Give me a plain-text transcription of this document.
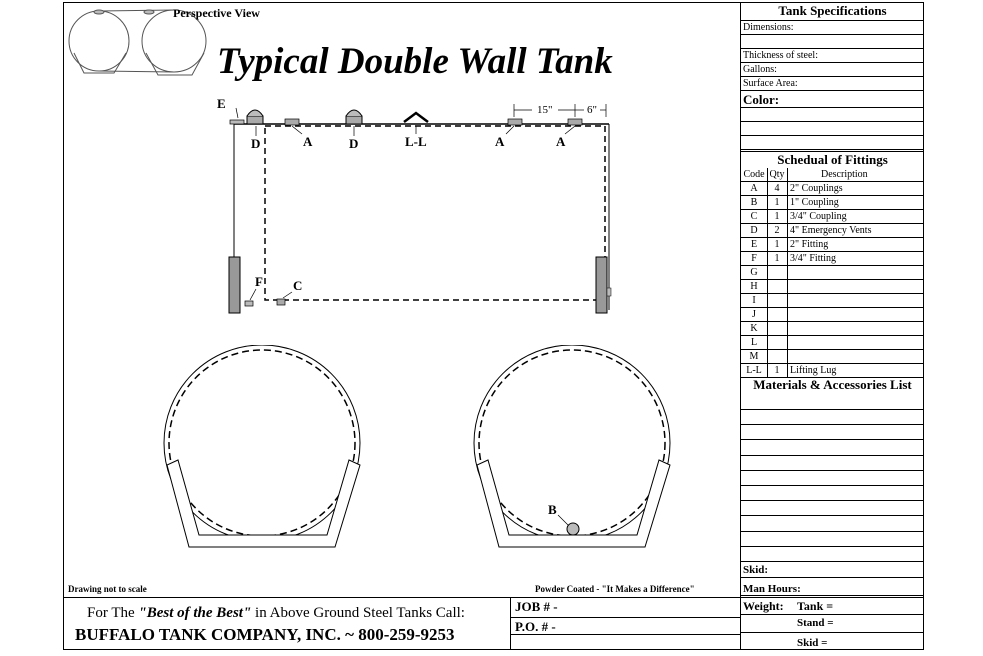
Perspective View
Typical Double Wall Tank
E
D	A	D	L-L	A	A
F C
15"	6"
B
Drawing not to scale	Powder Coated - "It Makes a Difference"
For The "Best of the Best" in Above Ground Steel Tanks Call:
BUFFALO TANK COMPANY, INC. ~ 800-259-9253
JOB # -
P.O. # -
Tank Specifications
Dimensions:
Thickness of steel:
Gallons:
Surface Area:
Color:
Schedual of Fittings
Code Qty	Description
A	4	2" Couplings
B	1	1" Coupling
C	1	3/4" Coupling
D	2	4" Emergency Vents
E	1	2" Fitting
F	1	3/4" Fitting
G
H
I
J
K
L
M
L-L	1	Lifting Lug
Materials & Accessories List
Skid:
Man Hours:
Weight: Tank =
Stand =
Skid =
